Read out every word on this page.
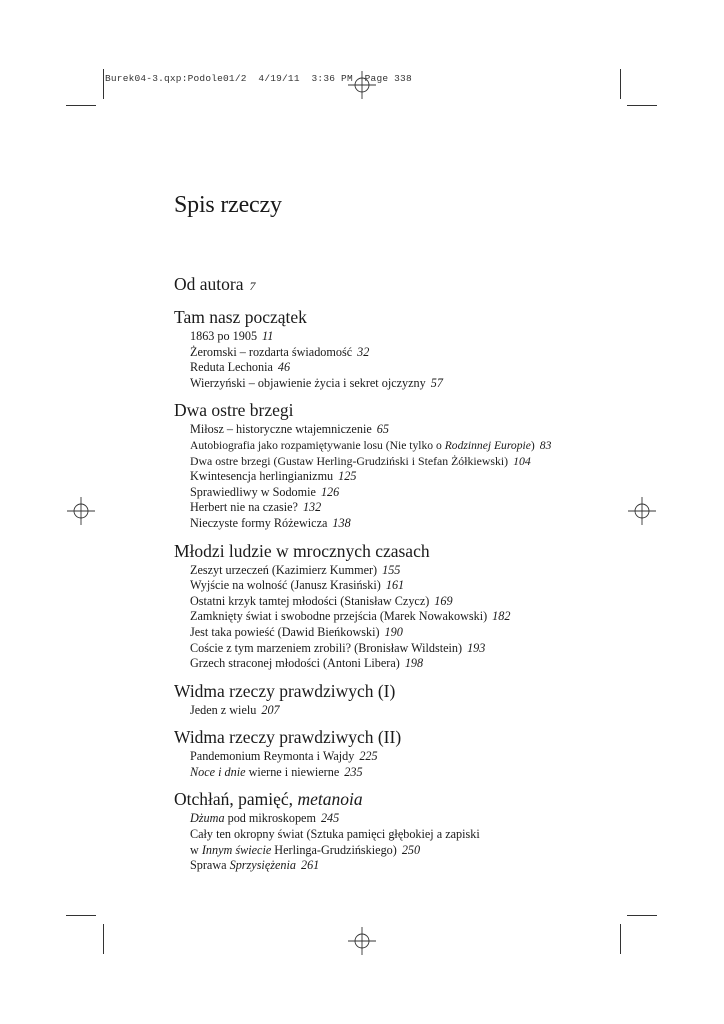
Burek04-3.qxp:Podole01/2  4/19/11  3:36 PM  Page 338
Spis rzeczy
Od autora 7
Tam nasz początek
1863 po 1905 11
Żeromski – rozdarta świadomość 32
Reduta Lechonia 46
Wierzyński – objawienie życia i sekret ojczyzny 57
Dwa ostre brzegi
Miłosz – historyczne wtajemniczenie 65
Autobiografia jako rozpamiętywanie losu (Nie tylko o Rodzinnej Europie) 83
Dwa ostre brzegi (Gustaw Herling-Grudziński i Stefan Żółkiewski) 104
Kwintesencja herlingianizmu 125
Sprawiedliwy w Sodomie 126
Herbert nie na czasie? 132
Nieczyste formy Różewicza 138
Młodzi ludzie w mrocznych czasach
Zeszyt urzeczeń (Kazimierz Kummer) 155
Wyjście na wolność (Janusz Krasiński) 161
Ostatni krzyk tamtej młodości (Stanisław Czycz) 169
Zamknięty świat i swobodne przejścia (Marek Nowakowski) 182
Jest taka powieść (Dawid Bieńkowski) 190
Coście z tym marzeniem zrobili? (Bronisław Wildstein) 193
Grzech straconej młodości (Antoni Libera) 198
Widma rzeczy prawdziwych (I)
Jeden z wielu 207
Widma rzeczy prawdziwych (II)
Pandemonium Reymonta i Wajdy 225
Noce i dnie wierne i niewierne 235
Otchłań, pamięć, metanoia
Dżuma pod mikroskopem 245
Cały ten okropny świat (Sztuka pamięci głębokiej a zapiski
w Innym świecie Herlinga-Grudzińskiego) 250
Sprawa Sprzysiężenia 261
